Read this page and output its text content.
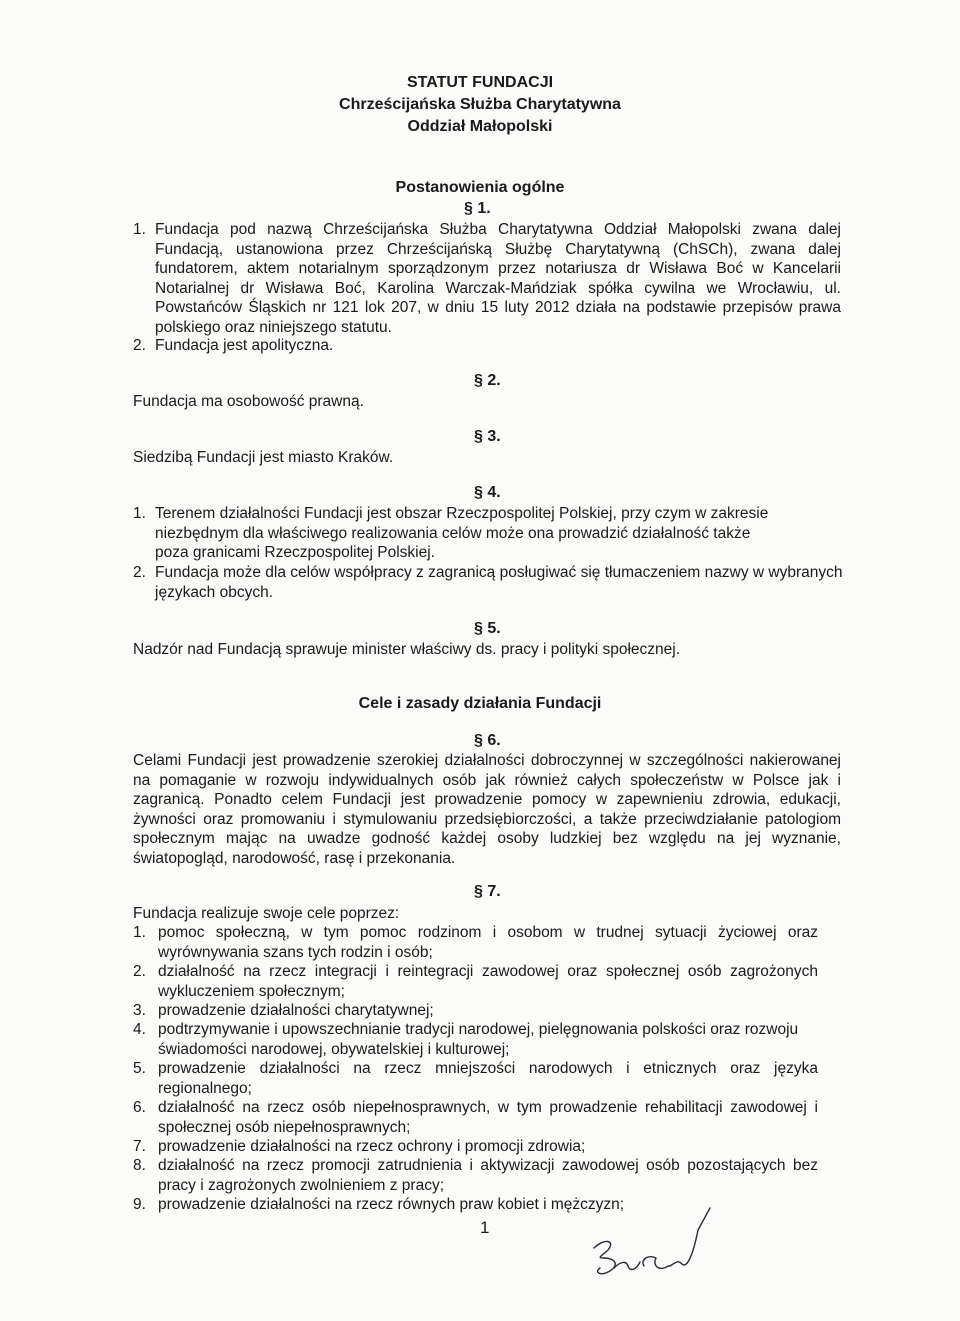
STATUT FUNDACJI
Chrześcijańska Służba Charytatywna
Oddział Małopolski
Postanowienia ogólne
§ 1.
1. Fundacja pod nazwą Chrześcijańska Służba Charytatywna Oddział Małopolski zwana dalej Fundacją, ustanowiona przez Chrześcijańską Służbę Charytatywną (ChSCh), zwana dalej fundatorem, aktem notarialnym sporządzonym przez notariusza dr Wisława Boć w Kancelarii Notarialnej dr Wisława Boć, Karolina Warczak-Mańdziak spółka cywilna we Wrocławiu, ul. Powstańców Śląskich nr 121 lok 207, w dniu 15 luty 2012 działa na podstawie przepisów prawa polskiego oraz niniejszego statutu.
2. Fundacja jest apolityczna.
§ 2.
Fundacja ma osobowość prawną.
§ 3.
Siedzibą Fundacji jest miasto Kraków.
§ 4.
1. Terenem działalności Fundacji jest obszar Rzeczpospolitej Polskiej, przy czym w zakresie niezbędnym dla właściwego realizowania celów może ona prowadzić działalność także poza granicami Rzeczpospolitej Polskiej.
2. Fundacja może dla celów współpracy z zagranicą posługiwać się tłumaczeniem nazwy w wybranych językach obcych.
§ 5.
Nadzór nad Fundacją sprawuje minister właściwy ds. pracy i polityki społecznej.
Cele i zasady działania Fundacji
§ 6.
Celami Fundacji jest prowadzenie szerokiej działalności dobroczynnej w szczególności nakierowanej na pomaganie w rozwoju indywidualnych osób jak również całych społeczeństw w Polsce jak i zagranicą. Ponadto celem Fundacji jest prowadzenie pomocy w zapewnieniu zdrowia, edukacji, żywności oraz promowaniu i stymulowaniu przedsiębiorczości, a także przeciwdziałanie patologiom społecznym mając na uwadze godność każdej osoby ludzkiej bez względu na jej wyznanie, światopogląd, narodowość, rasę i przekonania.
§ 7.
Fundacja realizuje swoje cele poprzez:
1. pomoc społeczną, w tym pomoc rodzinom i osobom w trudnej sytuacji życiowej oraz wyrównywania szans tych rodzin i osób;
2. działalność na rzecz integracji i reintegracji zawodowej oraz społecznej osób zagrożonych wykluczeniem społecznym;
3. prowadzenie działalności charytatywnej;
4. podtrzymywanie i upowszechnianie tradycji narodowej, pielęgnowania polskości oraz rozwoju świadomości narodowej, obywatelskiej i kulturowej;
5. prowadzenie działalności na rzecz mniejszości narodowych i etnicznych oraz języka regionalnego;
6. działalność na rzecz osób niepełnosprawnych, w tym prowadzenie rehabilitacji zawodowej i społecznej osób niepełnosprawnych;
7. prowadzenie działalności na rzecz ochrony i promocji zdrowia;
8. działalność na rzecz promocji zatrudnienia i aktywizacji zawodowej osób pozostających bez pracy i zagrożonych zwolnieniem z pracy;
9. prowadzenie działalności na rzecz równych praw kobiet i mężczyzn;
1
